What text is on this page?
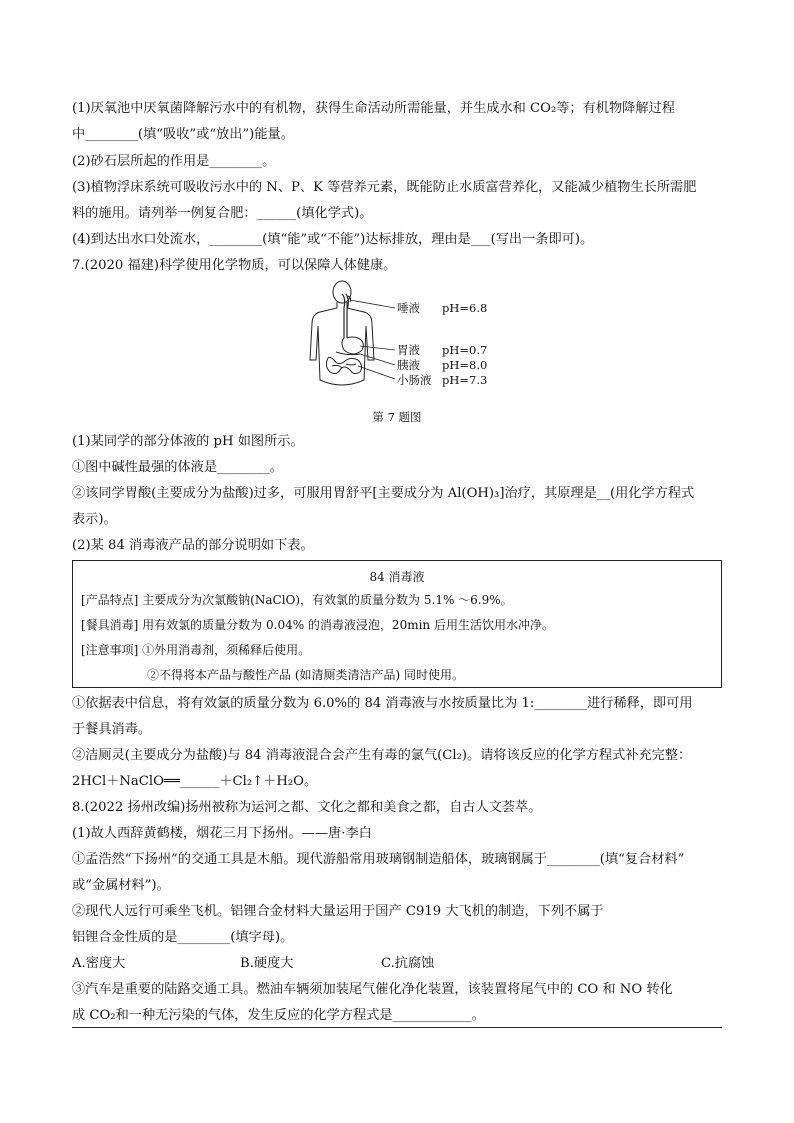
(1)厌氧池中厌氧菌降解污水中的有机物，获得生命活动所需能量，并生成水和 CO₂等；有机物降解过程
中________(填“吸收”或“放出”)能量。
(2)砂石层所起的作用是________。
(3)植物浮床系统可吸收污水中的 N、P、K 等营养元素，既能防止水质富营养化，又能减少植物生长所需肥
料的施用。请列举一例复合肥：______(填化学式)。
(4)到达出水口处流水，________(填“能”或“不能”)达标排放，理由是___(写出一条即可)。
7.(2020 福建)科学使用化学物质，可以保障人体健康。
唾液 pH=6.8
胃液 pH=0.7
胰液 pH=8.0
小肠液 pH=7.3
第 7 题图
(1)某同学的部分体液的 pH 如图所示。
①图中碱性最强的体液是________。
②该同学胃酸(主要成分为盐酸)过多，可服用胃舒平[主要成分为 Al(OH)₃]治疗，其原理是__(用化学方程式
表示)。
(2)某 84 消毒液产品的部分说明如下表。
84 消毒液
[产品特点] 主要成分为次氯酸钠(NaClO)，有效氯的质量分数为 5.1% ～6.9%。
[餐具消毒] 用有效氯的质量分数为 0.04% 的消毒液浸泡，20min 后用生活饮用水冲净。
[注意事项] ①外用消毒剂，须稀释后使用。
②不得将本产品与酸性产品 (如清厕类清洁产品) 同时使用。
①依据表中信息，将有效氯的质量分数为 6.0%的 84 消毒液与水按质量比为 1:________进行稀释，即可用
于餐具消毒。
②洁厕灵(主要成分为盐酸)与 84 消毒液混合会产生有毒的氯气(Cl₂)。请将该反应的化学方程式补充完整：
2HCl＋NaClO══______＋Cl₂↑＋H₂O。
8.(2022 扬州改编)扬州被称为运河之都、文化之都和美食之都，自古人文荟萃。
(1)故人西辞黄鹤楼，烟花三月下扬州。——唐·李白
①孟浩然“下扬州”的交通工具是木船。现代游船常用玻璃钢制造船体，玻璃钢属于________(填“复合材料”
或“金属材料”)。
②现代人远行可乘坐飞机。铝锂合金材料大量运用于国产 C919 大飞机的制造，下列不属于
铝锂合金性质的是________(填字母)。
A.密度大	B.硬度大	C.抗腐蚀
③汽车是重要的陆路交通工具。燃油车辆须加装尾气催化净化装置，该装置将尾气中的 CO 和 NO 转化
成 CO₂和一种无污染的气体，发生反应的化学方程式是____________。
